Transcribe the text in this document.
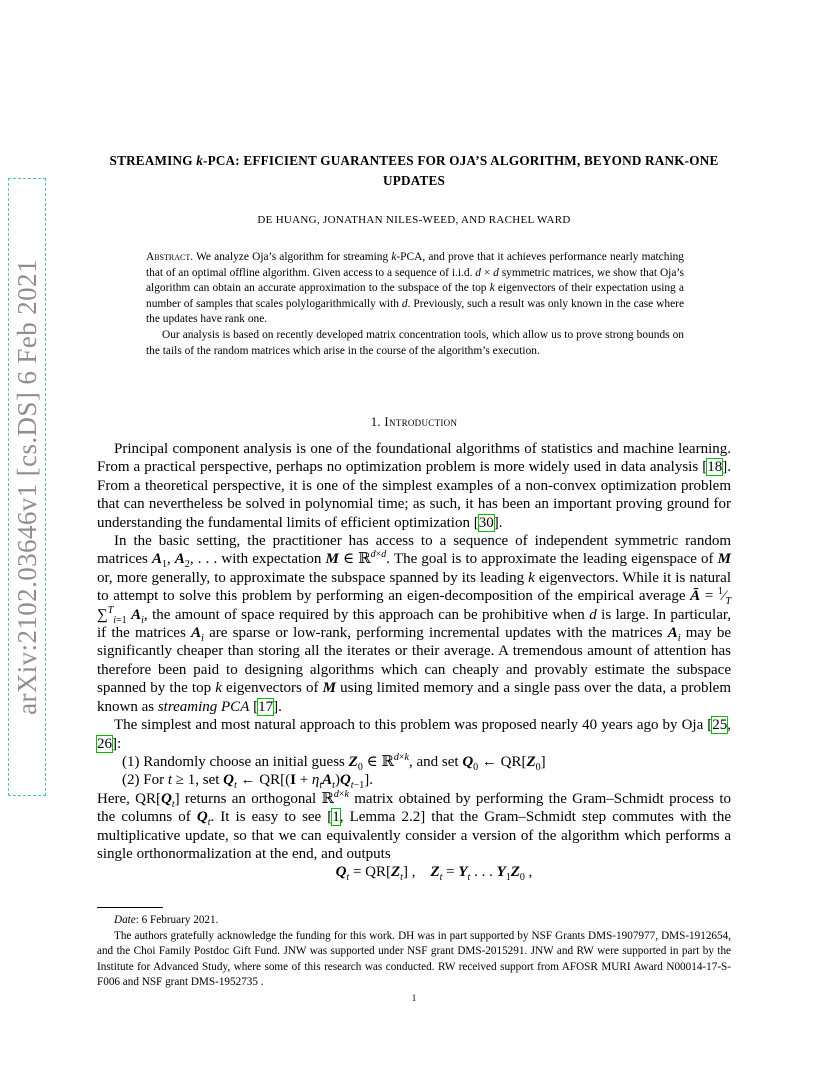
arXiv:2102.03646v1 [cs.DS] 6 Feb 2021
STREAMING k-PCA: EFFICIENT GUARANTEES FOR OJA’S ALGORITHM, BEYOND RANK-ONE
UPDATES
DE HUANG, JONATHAN NILES-WEED, AND RACHEL WARD

Abstract. We analyze Oja’s algorithm for streaming k-PCA, and prove that it achieves performance nearly matching that of an optimal offline algorithm. Given access to a sequence of i.i.d. d × d symmetric matrices, we show that Oja’s algorithm can obtain an accurate approximation to the subspace of the top k eigenvectors of their expectation using a number of samples that scales polylogarithmically with d. Previously, such a result was only known in the case where the updates have rank one.

Our analysis is based on recently developed matrix concentration tools, which allow us to prove strong bounds on the tails of the random matrices which arise in the course of the algorithm’s execution.

1. Introduction

Principal component analysis is one of the foundational algorithms of statistics and machine learning. From a practical perspective, perhaps no optimization problem is more widely used in data analysis [18]. From a theoretical perspective, it is one of the simplest examples of a non-convex optimization problem that can nevertheless be solved in polynomial time; as such, it has been an important proving ground for understanding the fundamental limits of efficient optimization [30].

In the basic setting, the practitioner has access to a sequence of independent symmetric random matrices $A_1$, $A_2$, . . . with expectation M ∈ ℝ$^{d\times d}$. The goal is to approximate the leading eigenspace of M or, more generally, to approximate the subspace spanned by its leading k eigenvectors. While it is natural to attempt to solve this problem by performing an eigen-decomposition of the empirical average Ā = $^1⁄_T$ ∑$^T_{i=1}$ $A_i$, the amount of space required by this approach can be prohibitive when d is large. In particular, if the matrices $A_i$ are sparse or low-rank, performing incremental updates with the matrices $A_i$ may be significantly cheaper than storing all the iterates or their average. A tremendous amount of attention has therefore been paid to designing algorithms which can cheaply and provably estimate the subspace spanned by the top k eigenvectors of M using limited memory and a single pass over the data, a problem known as streaming PCA [17].

The simplest and most natural approach to this problem was proposed nearly 40 years ago by Oja [25, 26]:

(1) Randomly choose an initial guess $Z_0$ ∈ ℝ$^{d\times k}$, and set $Q_0$ ← $QR[Z_0]$
(2) For t ≥ 1, set $Q_t$ ← $QR[(I + \eta_tA_t)Q_{t-1}]$.

Here, $QR[Q_t]$ returns an orthogonal ℝ$^{d\times k}$ matrix obtained by performing the Gram–Schmidt process to the columns of $Q_t$. It is easy to see [1, Lemma 2.2] that the Gram–Schmidt step commutes with the multiplicative update, so that we can equivalently consider a version of the algorithm which performs a single orthonormalization at the end, and outputs

$Q_t = QR[Z_t]$ ,    $Z_t = Y_t$ . . . $Y_1Z_0$ ,

Date: 6 February 2021.

The authors gratefully acknowledge the funding for this work. DH was in part supported by NSF Grants DMS-1907977, DMS-1912654, and the Choi Family Postdoc Gift Fund. JNW was supported under NSF grant DMS-2015291. JNW and RW were supported in part by the Institute for Advanced Study, where some of this research was conducted. RW received support from AFOSR MURI Award N00014-17-S-F006 and NSF grant DMS-1952735 .

1
